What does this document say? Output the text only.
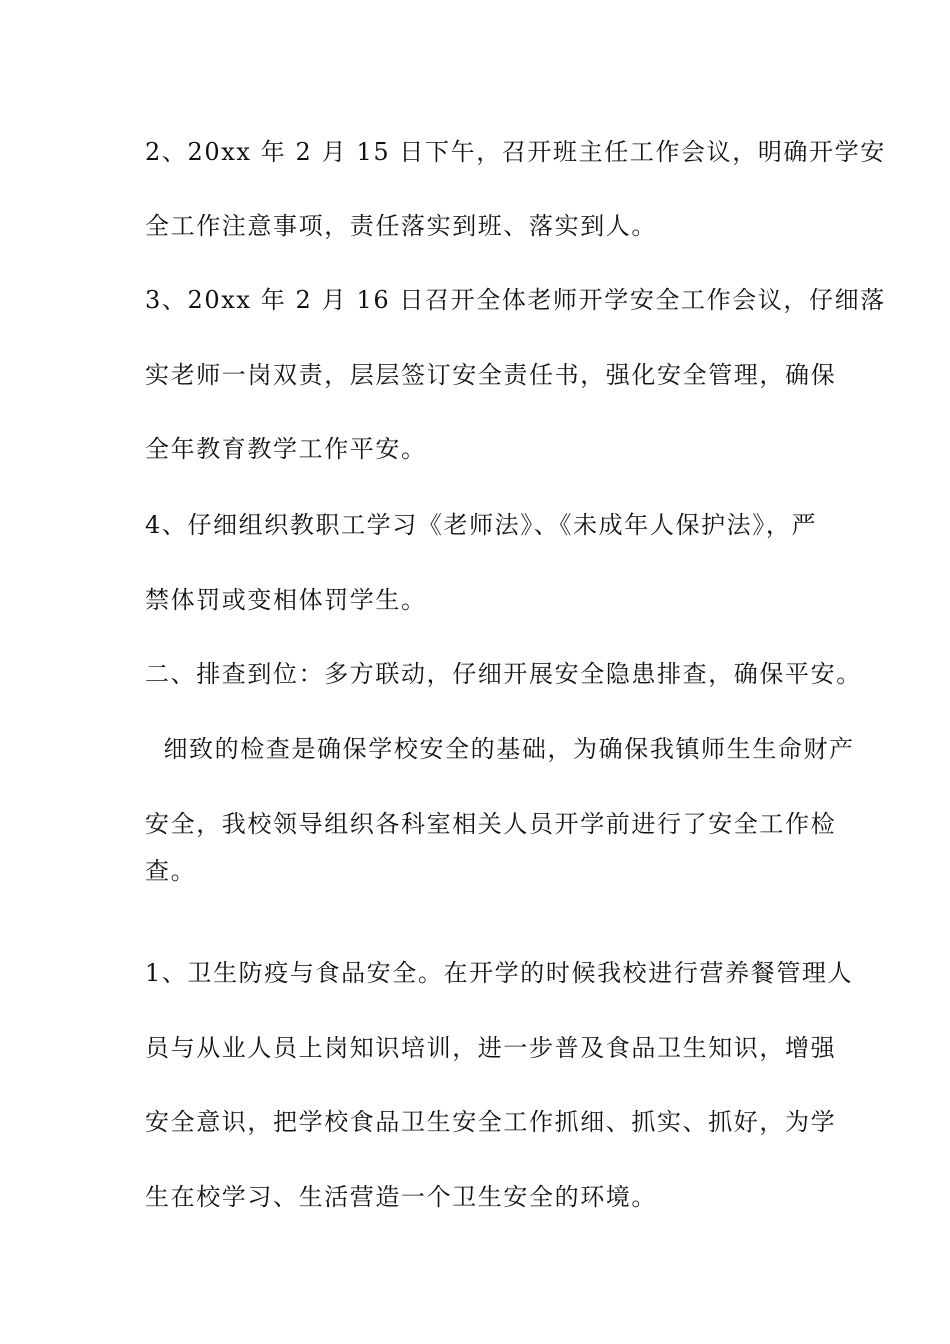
2、20xx 年 2 月 15 日下午，召开班主任工作会议，明确开学安
全工作注意事项，责任落实到班、落实到人。
3、20xx 年 2 月 16 日召开全体老师开学安全工作会议，仔细落
实老师一岗双责，层层签订安全责任书，强化安全管理，确保
全年教育教学工作平安。
4、仔细组织教职工学习《老师法》、《未成年人保护法》，严
禁体罚或变相体罚学生。
二、排查到位：多方联动，仔细开展安全隐患排查，确保平安。
细致的检查是确保学校安全的基础，为确保我镇师生生命财产
安全，我校领导组织各科室相关人员开学前进行了安全工作检
查。
1、卫生防疫与食品安全。在开学的时候我校进行营养餐管理人
员与从业人员上岗知识培训，进一步普及食品卫生知识，增强
安全意识，把学校食品卫生安全工作抓细、抓实、抓好，为学
生在校学习、生活营造一个卫生安全的环境。
